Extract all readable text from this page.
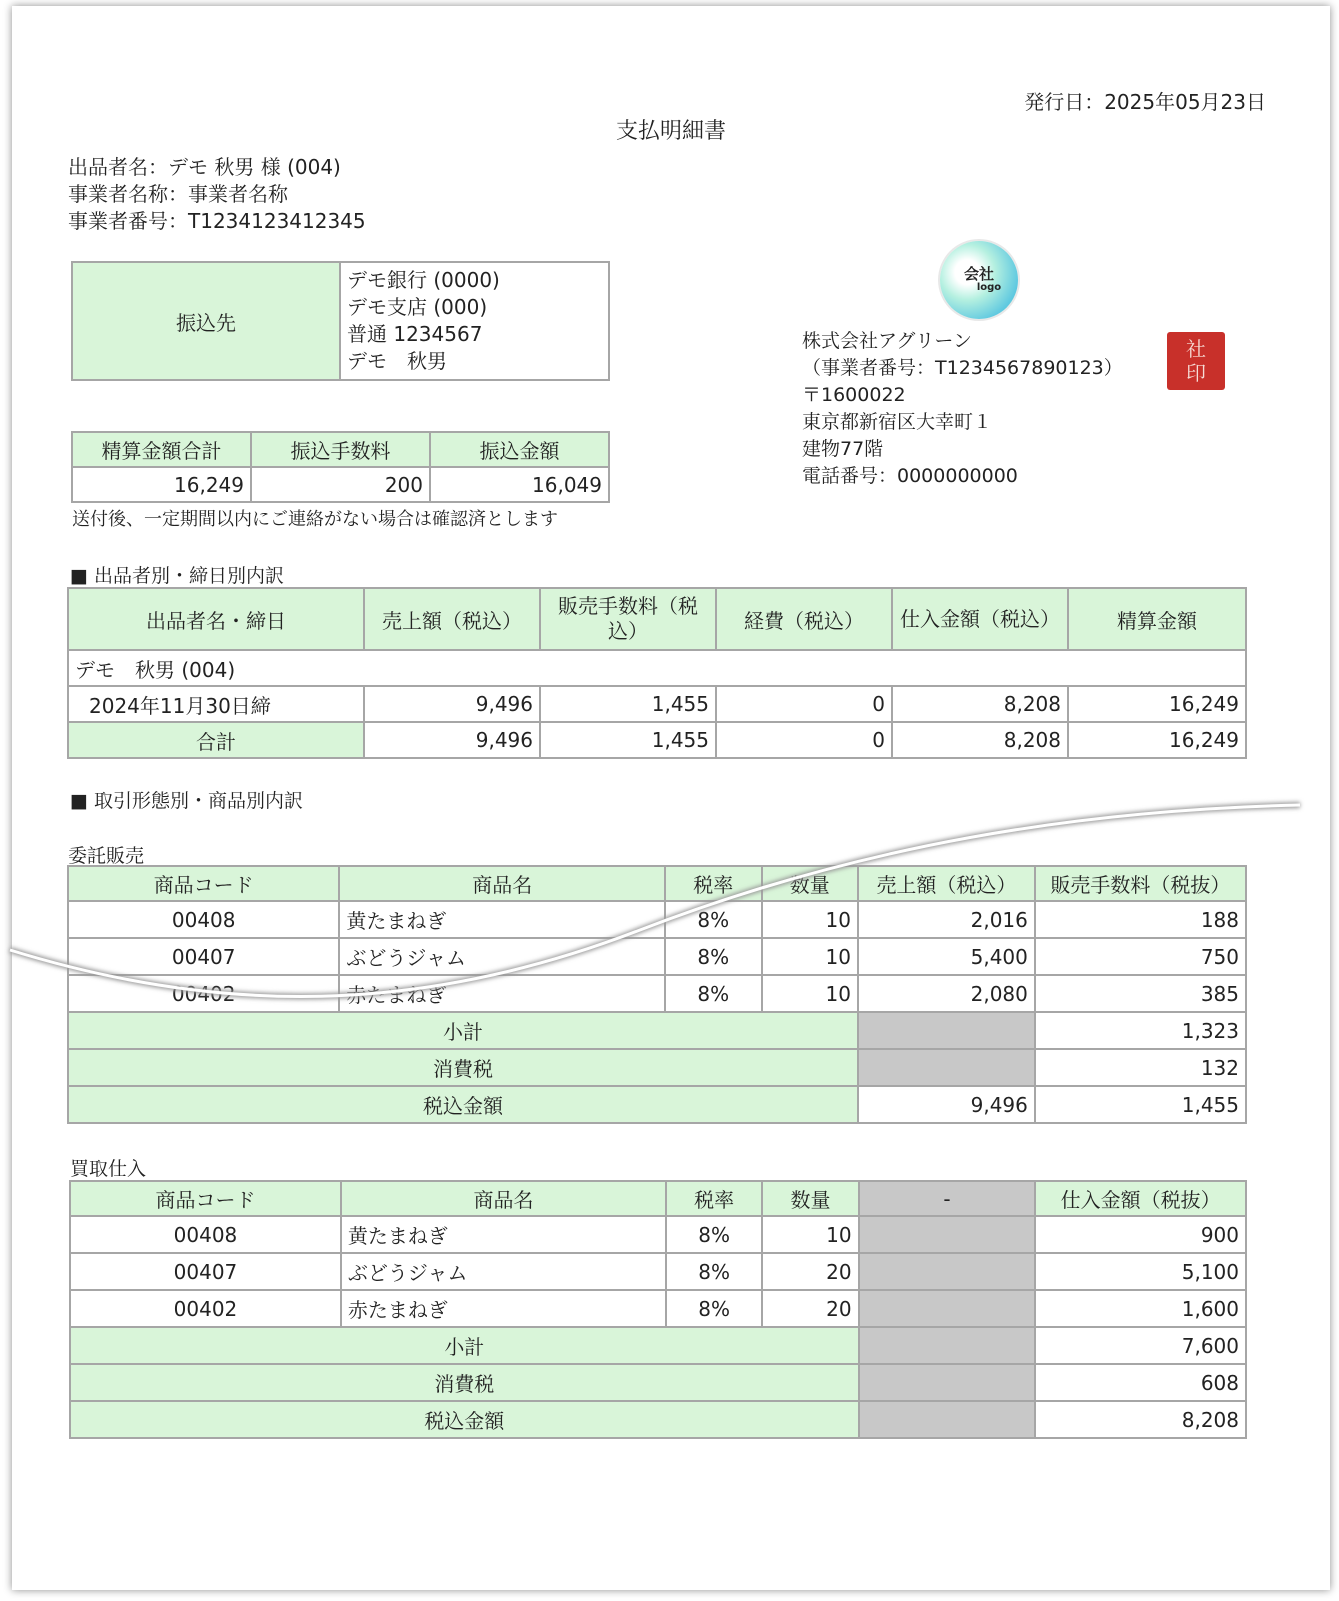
発行日：2025年05月23日
支払明細書
出品者名：デモ 秋男 様 (004)
事業者名称：事業者名称
事業者番号：T1234123412345
振込先	
デモ銀行 (0000)
デモ支店 (000)
普通 1234567
デモ　秋男
精算金額合計	振込手数料	振込金額
16,249	200	16,049
送付後、一定期間以内にご連絡がない場合は確認済とします
会社
logo
社
印
株式会社アグリーン
（事業者番号：T1234567890123）
〒1600022
東京都新宿区大幸町１
建物77階
電話番号：0000000000
■ 出品者別・締日別内訳
出品者名・締日	売上額（税込）	販売手数料（税込）	経費（税込）	仕入金額（税込）	精算金額
デモ　秋男 (004)					
2024年11月30日締	9,496	1,455	0	8,208	16,249
合計	9,496	1,455	0	8,208	16,249
■ 取引形態別・商品別内訳
委託販売
商品コード	商品名	税率	数量	売上額（税込）	販売手数料（税抜）
00408	黄たまねぎ	8%	10	2,016	188
00407	ぶどうジャム	8%	10	5,400	750
00402	赤たまねぎ	8%	10	2,080	385
小計					1,323
消費税					132
税込金額				9,496	1,455
買取仕入
商品コード	商品名	税率	数量	-	仕入金額（税抜）
00408	黄たまねぎ	8%	10		900
00407	ぶどうジャム	8%	20		5,100
00402	赤たまねぎ	8%	20		1,600
小計					7,600
消費税					608
税込金額					8,208
